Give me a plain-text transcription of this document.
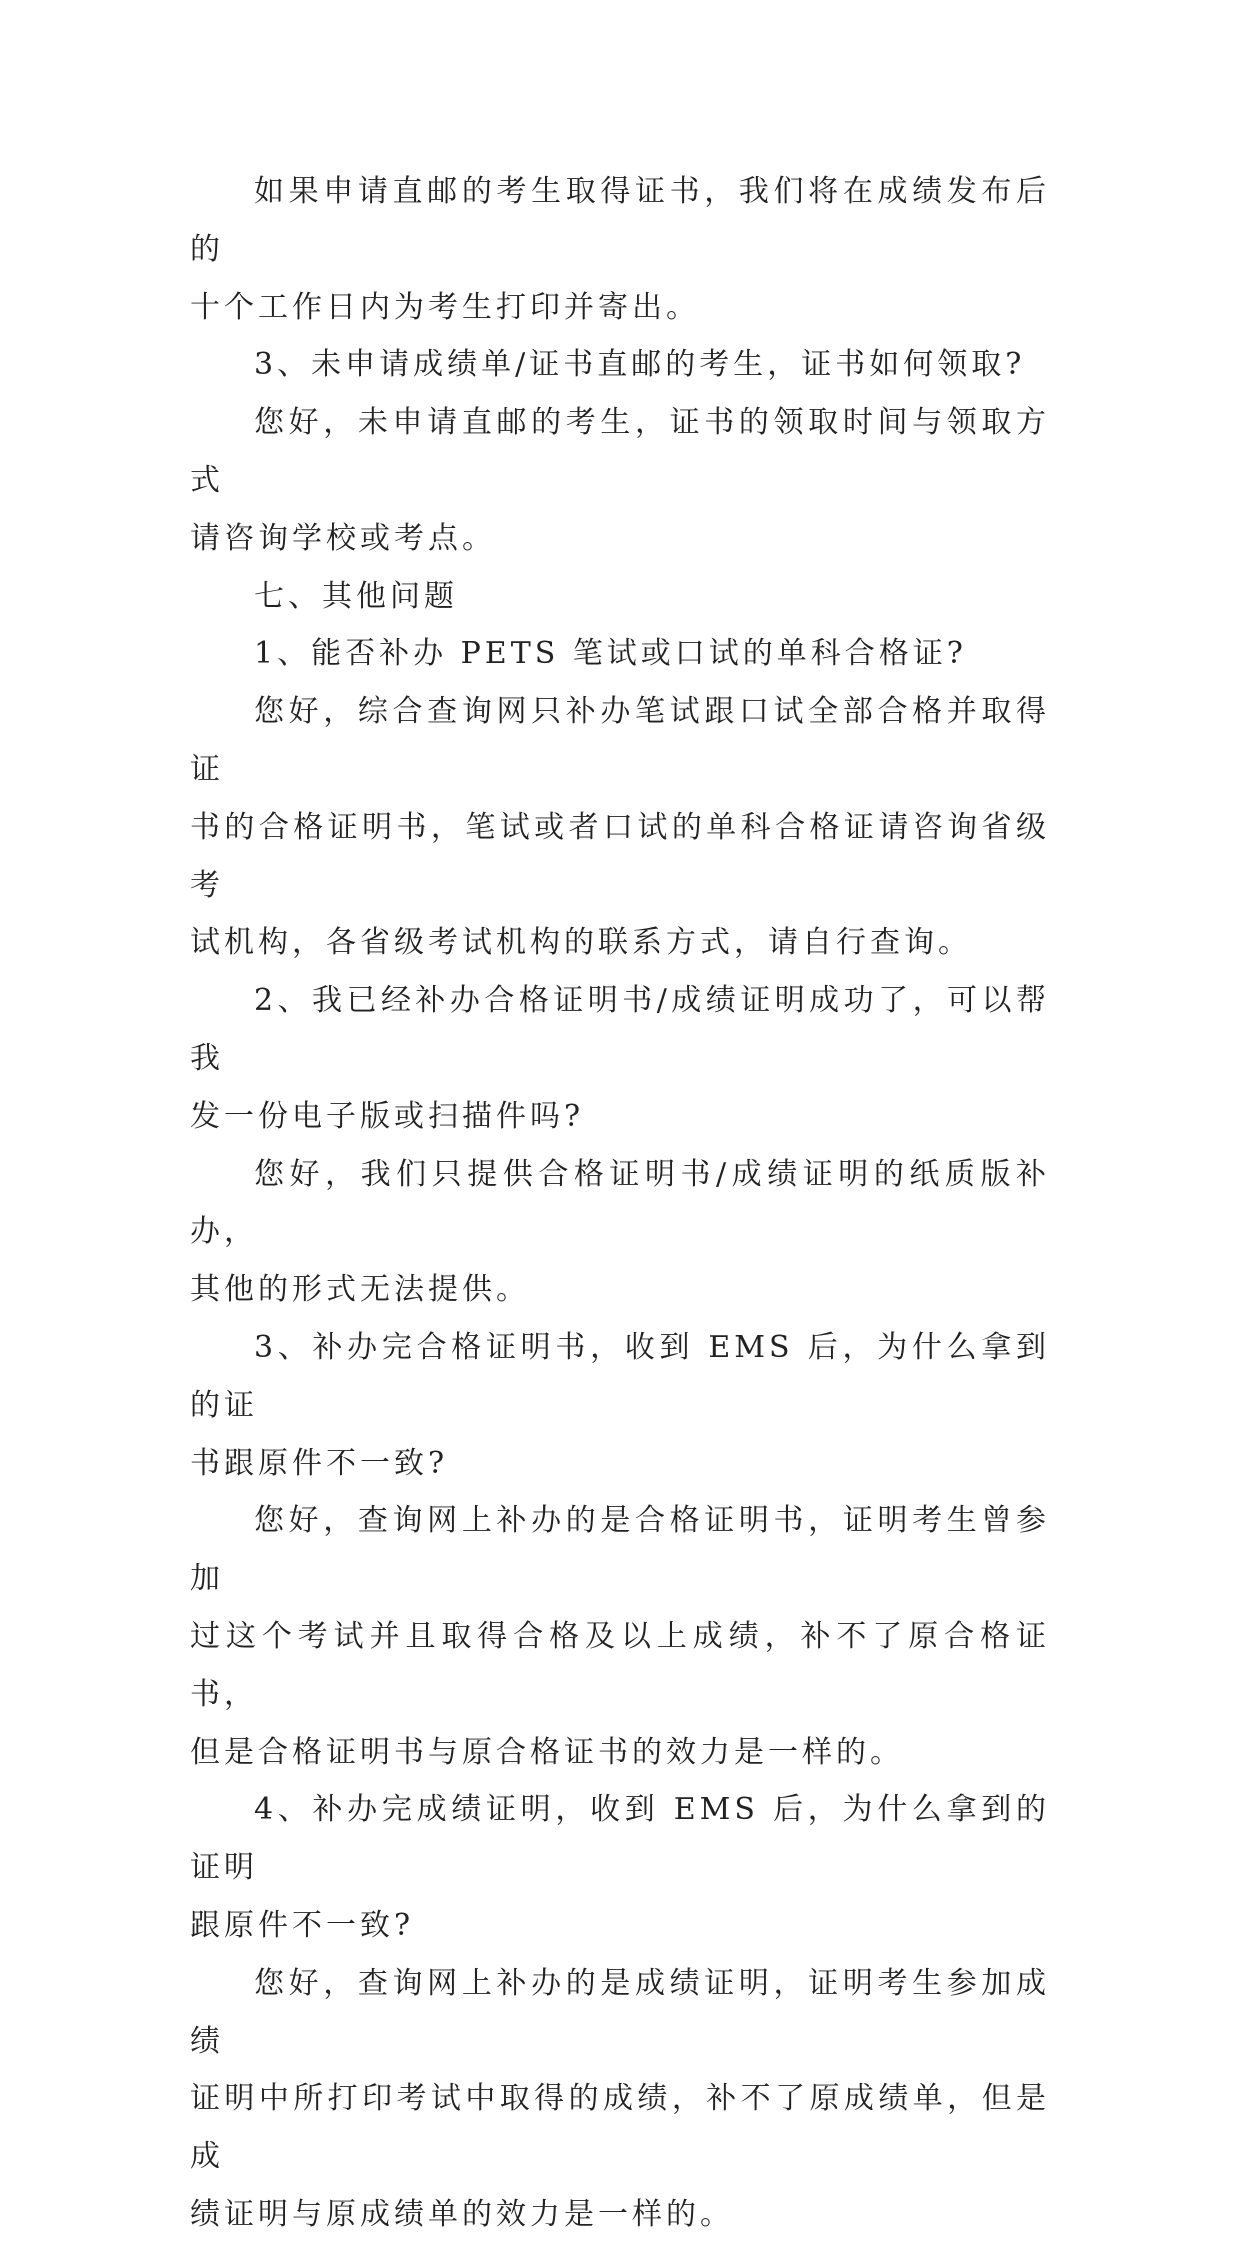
如果申请直邮的考生取得证书，我们将在成绩发布后的
十个工作日内为考生打印并寄出。

3、未申请成绩单/证书直邮的考生，证书如何领取?

您好，未申请直邮的考生，证书的领取时间与领取方式
请咨询学校或考点。

七、其他问题

1、能否补办 PETS 笔试或口试的单科合格证?

您好，综合查询网只补办笔试跟口试全部合格并取得证
书的合格证明书，笔试或者口试的单科合格证请咨询省级考
试机构，各省级考试机构的联系方式，请自行查询。

2、我已经补办合格证明书/成绩证明成功了，可以帮我
发一份电子版或扫描件吗?

您好，我们只提供合格证明书/成绩证明的纸质版补办，
其他的形式无法提供。

3、补办完合格证明书，收到 EMS 后，为什么拿到的证
书跟原件不一致?

您好，查询网上补办的是合格证明书，证明考生曾参加
过这个考试并且取得合格及以上成绩，补不了原合格证书，
但是合格证明书与原合格证书的效力是一样的。

4、补办完成绩证明，收到 EMS 后，为什么拿到的证明
跟原件不一致?

您好，查询网上补办的是成绩证明，证明考生参加成绩
证明中所打印考试中取得的成绩，补不了原成绩单，但是成
绩证明与原成绩单的效力是一样的。
